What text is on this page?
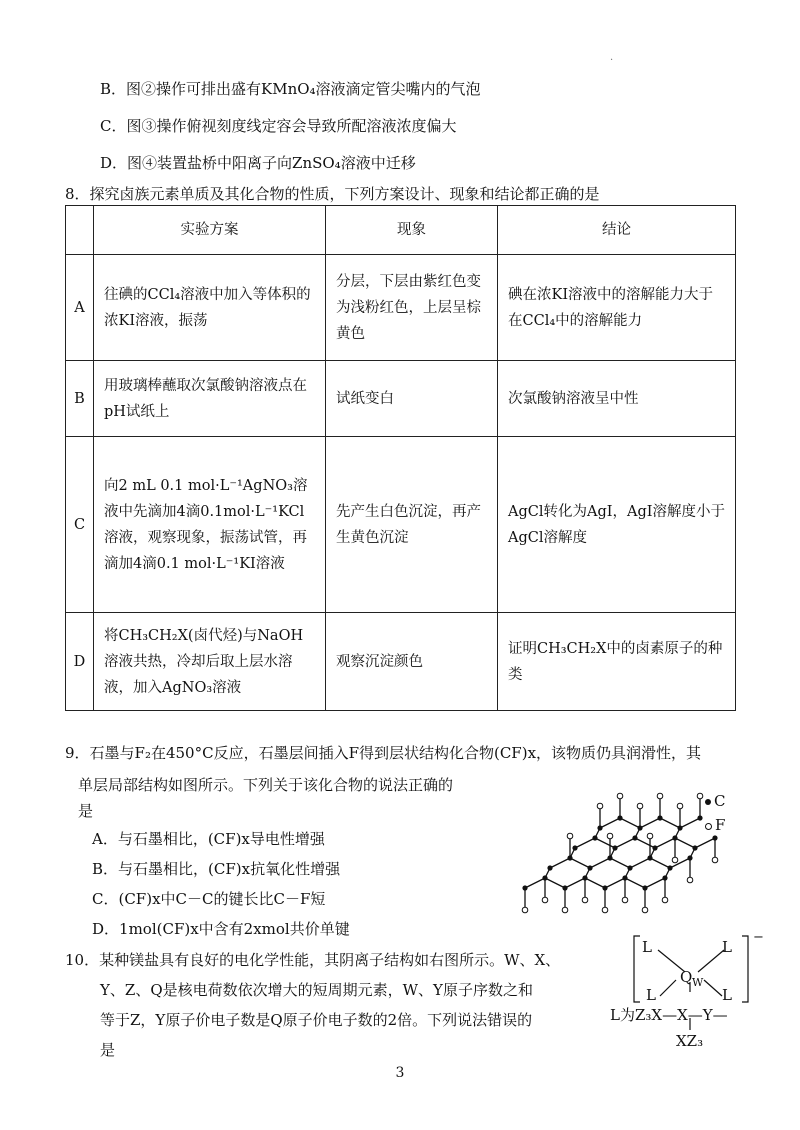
·
B．图②操作可排出盛有KMnO₄溶液滴定管尖嘴内的气泡
C．图③操作俯视刻度线定容会导致所配溶液浓度偏大
D．图④装置盐桥中阳离子向ZnSO₄溶液中迁移
8．探究卤族元素单质及其化合物的性质，下列方案设计、现象和结论都正确的是
	实验方案	现象	结论
A	往碘的CCl₄溶液中加入等体积的浓KI溶液，振荡	分层，下层由紫红色变为浅粉红色，上层呈棕黄色	碘在浓KI溶液中的溶解能力大于在CCl₄中的溶解能力
B	用玻璃棒蘸取次氯酸钠溶液点在pH试纸上	试纸变白	次氯酸钠溶液呈中性
C	向2 mL 0.1 mol·L⁻¹AgNO₃溶液中先滴加4滴0.1mol·L⁻¹KCl溶液，观察现象，振荡试管，再滴加4滴0.1 mol·L⁻¹KI溶液	先产生白色沉淀，再产生黄色沉淀	AgCl转化为AgI，AgI溶解度小于AgCl溶解度
D	将CH₃CH₂X(卤代烃)与NaOH溶液共热，冷却后取上层水溶液，加入AgNO₃溶液	观察沉淀颜色	证明CH₃CH₂X中的卤素原子的种类
9．石墨与F₂在450°C反应，石墨层间插入F得到层状结构化合物(CF)x，该物质仍具润滑性，其
单层局部结构如图所示。下列关于该化合物的说法正确的
是
A．与石墨相比，(CF)x导电性增强
B．与石墨相比，(CF)x抗氧化性增强
C．(CF)x中C－C的键长比C－F短
D．1mol(CF)x中含有2xmol共价单键
C
F
10．某种镁盐具有良好的电化学性能，其阴离子结构如右图所示。W、X、
Y、Z、Q是核电荷数依次增大的短周期元素，W、Y原子序数之和
等于Z，Y原子价电子数是Q原子价电子数的2倍。下列说法错误的
是
L	L
−
Q W
L	L
L为Z₃X—X—Y—
XZ₃
3
